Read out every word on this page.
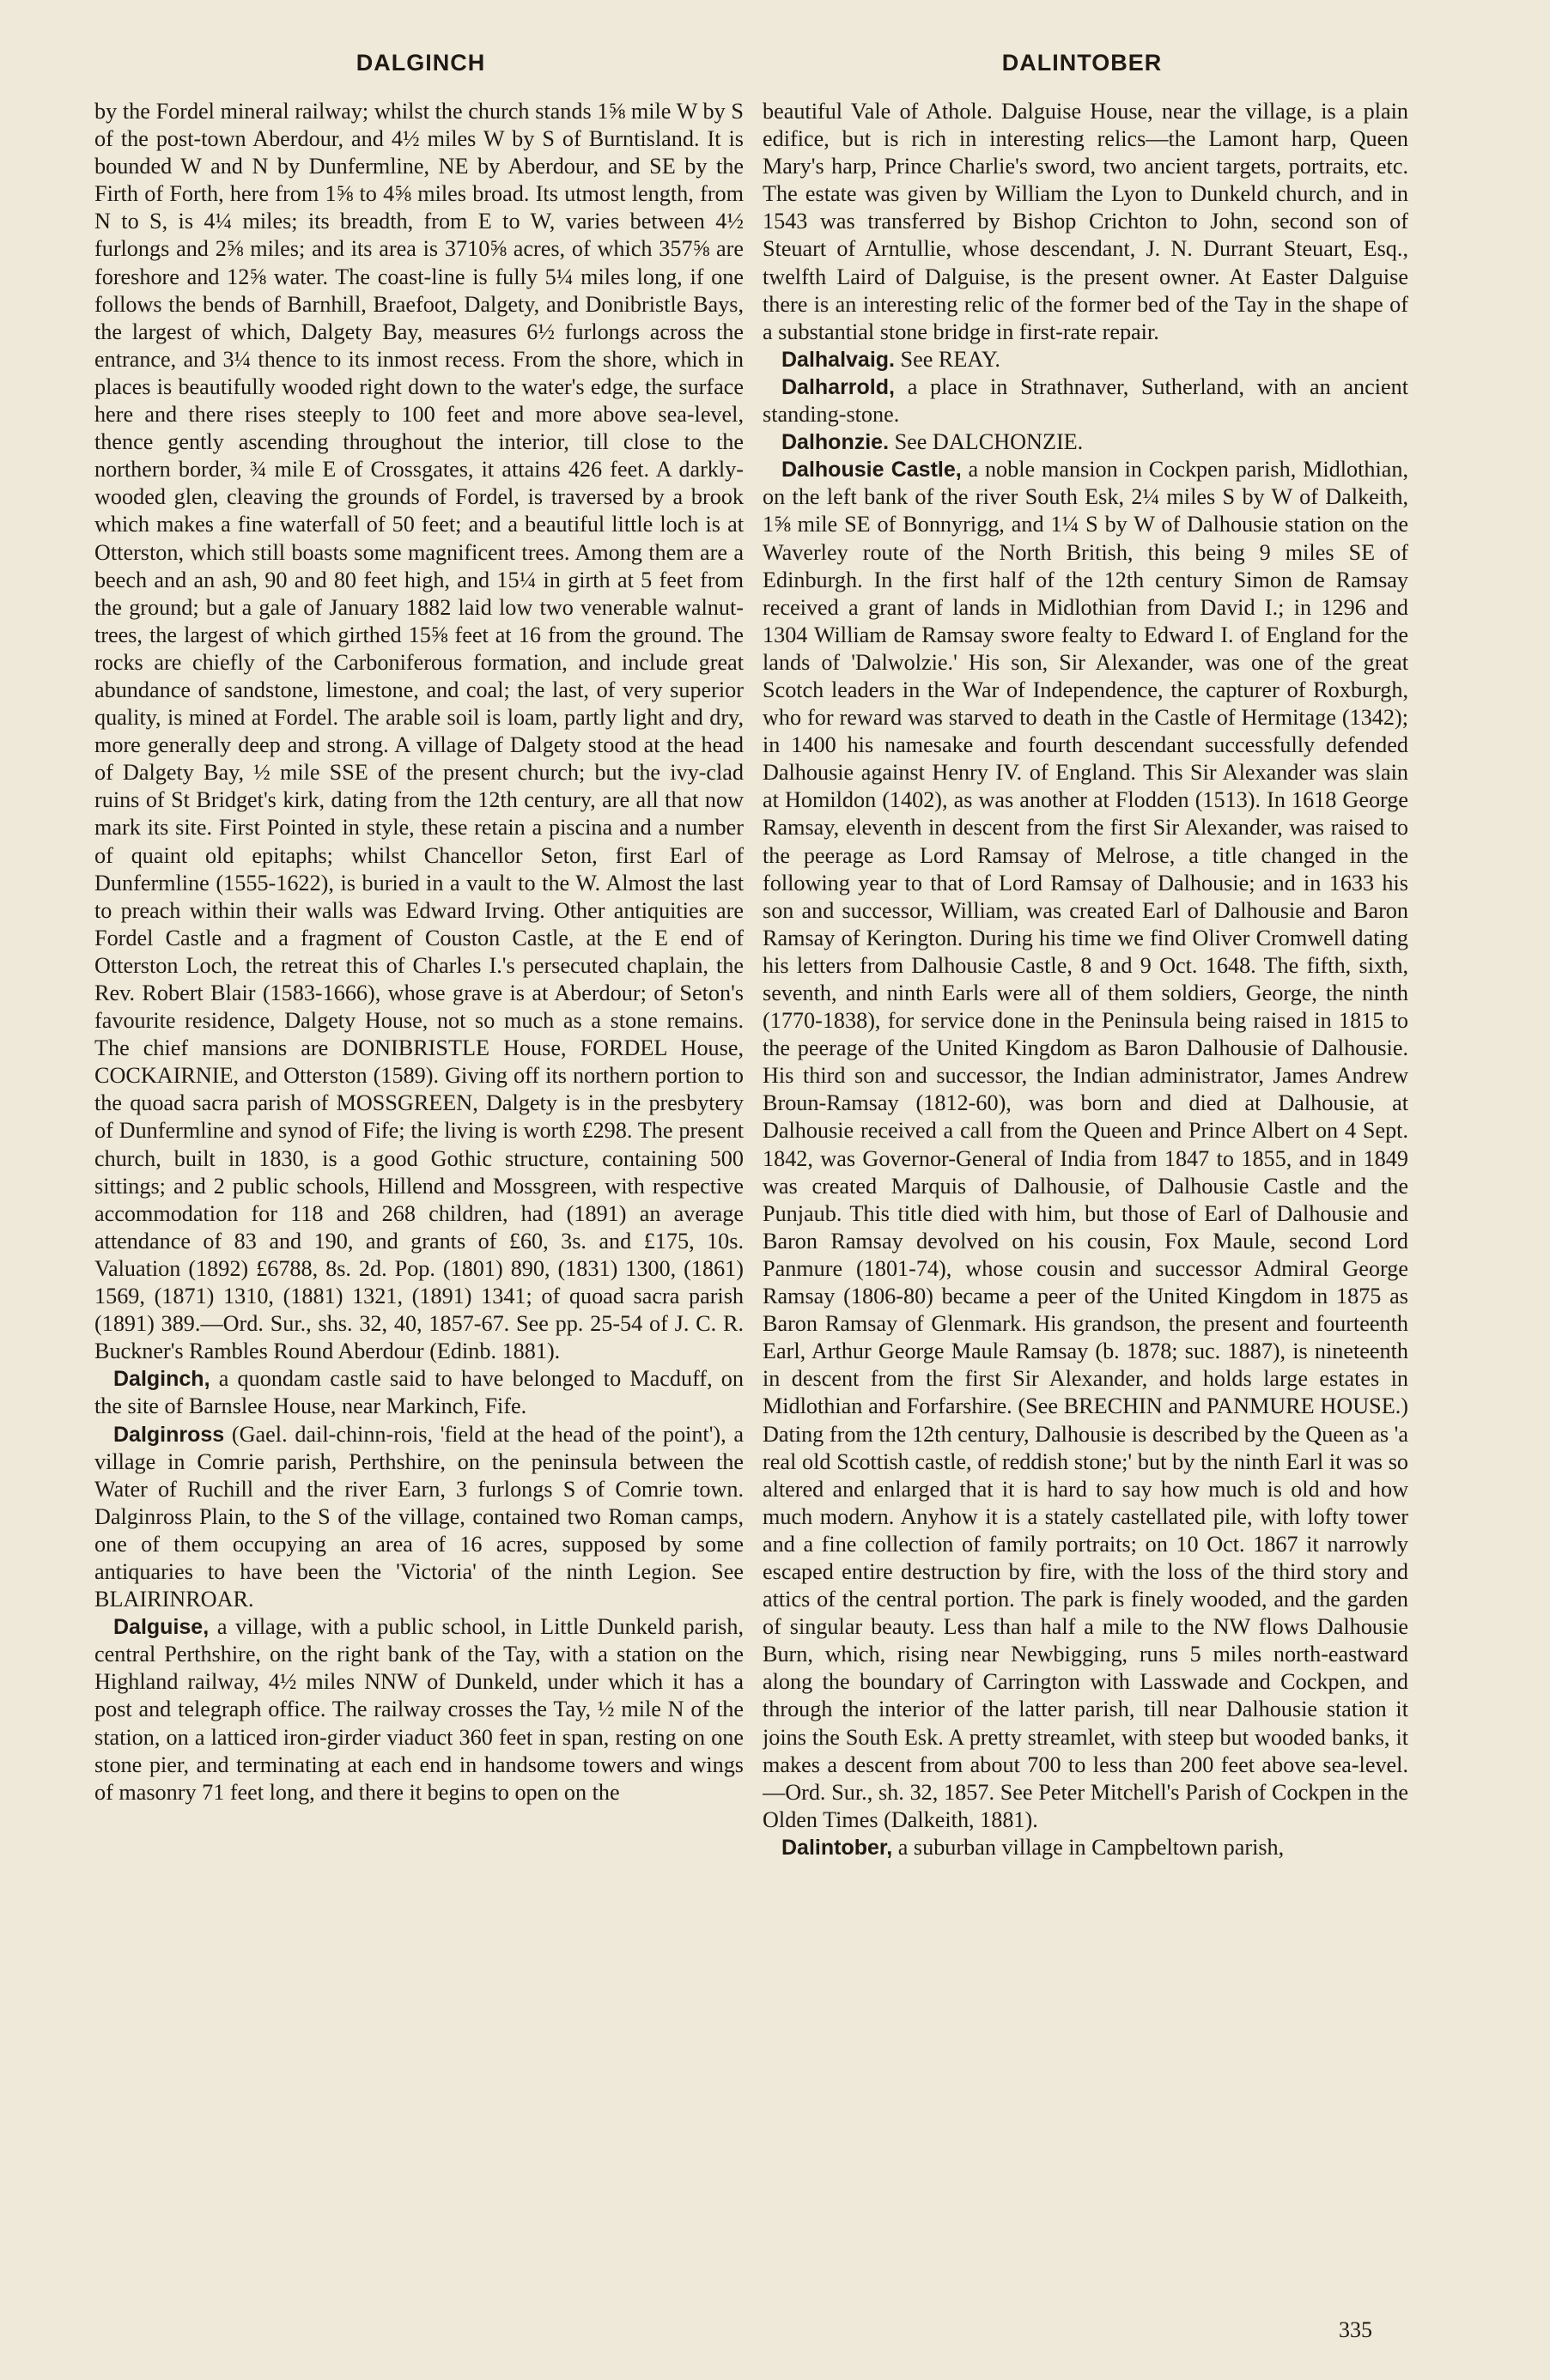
DALGINCH	DALINTOBER

by the Fordel mineral railway; whilst the church stands 1⅝ mile W by S of the post-town Aberdour, and 4½ miles W by S of Burntisland. It is bounded W and N by Dunfermline, NE by Aberdour, and SE by the Firth of Forth, here from 1⅝ to 4⅝ miles broad. Its utmost length, from N to S, is 4¼ miles; its breadth, from E to W, varies between 4½ furlongs and 2⅝ miles; and its area is 3710⅝ acres, of which 357⅝ are foreshore and 12⅝ water. The coast-line is fully 5¼ miles long, if one follows the bends of Barnhill, Braefoot, Dalgety, and Donibristle Bays, the largest of which, Dalgety Bay, measures 6½ furlongs across the entrance, and 3¼ thence to its inmost recess. From the shore, which in places is beautifully wooded right down to the water's edge, the surface here and there rises steeply to 100 feet and more above sea-level, thence gently ascending throughout the interior, till close to the northern border, ¾ mile E of Crossgates, it attains 426 feet. A darkly-wooded glen, cleaving the grounds of Fordel, is traversed by a brook which makes a fine waterfall of 50 feet; and a beautiful little loch is at Otterston, which still boasts some magnificent trees. Among them are a beech and an ash, 90 and 80 feet high, and 15¼ in girth at 5 feet from the ground; but a gale of January 1882 laid low two venerable walnut-trees, the largest of which girthed 15⅝ feet at 16 from the ground. The rocks are chiefly of the Carboniferous formation, and include great abundance of sandstone, limestone, and coal; the last, of very superior quality, is mined at Fordel. The arable soil is loam, partly light and dry, more generally deep and strong. A village of Dalgety stood at the head of Dalgety Bay, ½ mile SSE of the present church; but the ivy-clad ruins of St Bridget's kirk, dating from the 12th century, are all that now mark its site. First Pointed in style, these retain a piscina and a number of quaint old epitaphs; whilst Chancellor Seton, first Earl of Dunfermline (1555-1622), is buried in a vault to the W. Almost the last to preach within their walls was Edward Irving. Other antiquities are Fordel Castle and a fragment of Couston Castle, at the E end of Otterston Loch, the retreat this of Charles I.'s persecuted chaplain, the Rev. Robert Blair (1583-1666), whose grave is at Aberdour; of Seton's favourite residence, Dalgety House, not so much as a stone remains. The chief mansions are DONIBRISTLE House, FORDEL House, COCKAIRNIE, and Otterston (1589). Giving off its northern portion to the quoad sacra parish of MOSSGREEN, Dalgety is in the presbytery of Dunfermline and synod of Fife; the living is worth £298. The present church, built in 1830, is a good Gothic structure, containing 500 sittings; and 2 public schools, Hillend and Mossgreen, with respective accommodation for 118 and 268 children, had (1891) an average attendance of 83 and 190, and grants of £60, 3s. and £175, 10s. Valuation (1892) £6788, 8s. 2d. Pop. (1801) 890, (1831) 1300, (1861) 1569, (1871) 1310, (1881) 1321, (1891) 1341; of quoad sacra parish (1891) 389.—Ord. Sur., shs. 32, 40, 1857-67. See pp. 25-54 of J. C. R. Buckner's Rambles Round Aberdour (Edinb. 1881).

Dalginch, a quondam castle said to have belonged to Macduff, on the site of Barnslee House, near Markinch, Fife.

Dalginross (Gael. dail-chinn-rois, 'field at the head of the point'), a village in Comrie parish, Perthshire, on the peninsula between the Water of Ruchill and the river Earn, 3 furlongs S of Comrie town. Dalginross Plain, to the S of the village, contained two Roman camps, one of them occupying an area of 16 acres, supposed by some antiquaries to have been the 'Victoria' of the ninth Legion. See BLAIRINROAR.

Dalguise, a village, with a public school, in Little Dunkeld parish, central Perthshire, on the right bank of the Tay, with a station on the Highland railway, 4½ miles NNW of Dunkeld, under which it has a post and telegraph office. The railway crosses the Tay, ½ mile N of the station, on a latticed iron-girder viaduct 360 feet in span, resting on one stone pier, and terminating at each end in handsome towers and wings of masonry 71 feet long, and there it begins to open on the

beautiful Vale of Athole. Dalguise House, near the village, is a plain edifice, but is rich in interesting relics—the Lamont harp, Queen Mary's harp, Prince Charlie's sword, two ancient targets, portraits, etc. The estate was given by William the Lyon to Dunkeld church, and in 1543 was transferred by Bishop Crichton to John, second son of Steuart of Arntullie, whose descendant, J. N. Durrant Steuart, Esq., twelfth Laird of Dalguise, is the present owner. At Easter Dalguise there is an interesting relic of the former bed of the Tay in the shape of a substantial stone bridge in first-rate repair.

Dalhalvaig. See REAY.

Dalharrold, a place in Strathnaver, Sutherland, with an ancient standing-stone.

Dalhonzie. See DALCHONZIE.

Dalhousie Castle, a noble mansion in Cockpen parish, Midlothian, on the left bank of the river South Esk, 2¼ miles S by W of Dalkeith, 1⅝ mile SE of Bonnyrigg, and 1¼ S by W of Dalhousie station on the Waverley route of the North British, this being 9 miles SE of Edinburgh. In the first half of the 12th century Simon de Ramsay received a grant of lands in Midlothian from David I.; in 1296 and 1304 William de Ramsay swore fealty to Edward I. of England for the lands of 'Dalwolzie.' His son, Sir Alexander, was one of the great Scotch leaders in the War of Independence, the capturer of Roxburgh, who for reward was starved to death in the Castle of Hermitage (1342); in 1400 his namesake and fourth descendant successfully defended Dalhousie against Henry IV. of England. This Sir Alexander was slain at Homildon (1402), as was another at Flodden (1513). In 1618 George Ramsay, eleventh in descent from the first Sir Alexander, was raised to the peerage as Lord Ramsay of Melrose, a title changed in the following year to that of Lord Ramsay of Dalhousie; and in 1633 his son and successor, William, was created Earl of Dalhousie and Baron Ramsay of Kerington. During his time we find Oliver Cromwell dating his letters from Dalhousie Castle, 8 and 9 Oct. 1648. The fifth, sixth, seventh, and ninth Earls were all of them soldiers, George, the ninth (1770-1838), for service done in the Peninsula being raised in 1815 to the peerage of the United Kingdom as Baron Dalhousie of Dalhousie. His third son and successor, the Indian administrator, James Andrew Broun-Ramsay (1812-60), was born and died at Dalhousie, at Dalhousie received a call from the Queen and Prince Albert on 4 Sept. 1842, was Governor-General of India from 1847 to 1855, and in 1849 was created Marquis of Dalhousie, of Dalhousie Castle and the Punjaub. This title died with him, but those of Earl of Dalhousie and Baron Ramsay devolved on his cousin, Fox Maule, second Lord Panmure (1801-74), whose cousin and successor Admiral George Ramsay (1806-80) became a peer of the United Kingdom in 1875 as Baron Ramsay of Glenmark. His grandson, the present and fourteenth Earl, Arthur George Maule Ramsay (b. 1878; suc. 1887), is nineteenth in descent from the first Sir Alexander, and holds large estates in Midlothian and Forfarshire. (See BRECHIN and PANMURE HOUSE.) Dating from the 12th century, Dalhousie is described by the Queen as 'a real old Scottish castle, of reddish stone;' but by the ninth Earl it was so altered and enlarged that it is hard to say how much is old and how much modern. Anyhow it is a stately castellated pile, with lofty tower and a fine collection of family portraits; on 10 Oct. 1867 it narrowly escaped entire destruction by fire, with the loss of the third story and attics of the central portion. The park is finely wooded, and the garden of singular beauty. Less than half a mile to the NW flows Dalhousie Burn, which, rising near Newbigging, runs 5 miles north-eastward along the boundary of Carrington with Lasswade and Cockpen, and through the interior of the latter parish, till near Dalhousie station it joins the South Esk. A pretty streamlet, with steep but wooded banks, it makes a descent from about 700 to less than 200 feet above sea-level.—Ord. Sur., sh. 32, 1857. See Peter Mitchell's Parish of Cockpen in the Olden Times (Dalkeith, 1881).

Dalintober, a suburban village in Campbeltown parish,

335
